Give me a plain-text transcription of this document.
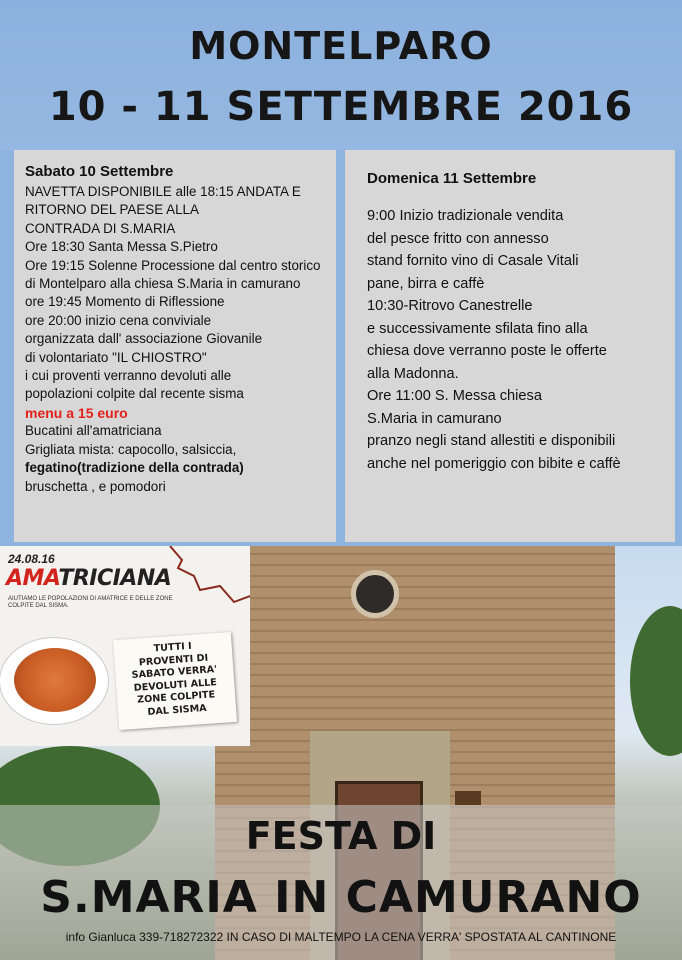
MONTELPARO
10 - 11 SETTEMBRE 2016
Sabato 10 Settembre
NAVETTA DISPONIBILE alle 18:15 ANDATA E
RITORNO DEL PAESE ALLA
CONTRADA DI S.MARIA
Ore 18:30 Santa Messa S.Pietro
Ore 19:15 Solenne Processione dal centro storico
di Montelparo alla chiesa S.Maria in camurano
ore 19:45 Momento di Riflessione
ore 20:00 inizio cena conviviale
organizzata dall' associazione Giovanile
di volontariato "IL CHIOSTRO"
i cui proventi verranno devoluti alle
popolazioni colpite dal recente sisma
menu a 15 euro
Bucatini all'amatriciana
Grigliata mista: capocollo, salsiccia,
fegatino(tradizione della contrada)
bruschetta , e pomodori
Domenica 11 Settembre
9:00 Inizio tradizionale vendita
del pesce fritto con annesso
stand fornito vino di Casale Vitali
pane, birra e caffè
10:30-Ritrovo Canestrelle
e successivamente sfilata fino alla
chiesa dove verranno poste le offerte
alla Madonna.
Ore 11:00 S. Messa chiesa
S.Maria in camurano
pranzo negli stand allestiti e disponibili
anche nel pomeriggio con bibite e caffè
24.08.16
AMATRICIANA
AIUTIAMO LE POPOLAZIONI DI AMATRICE E DELLE ZONE COLPITE DAL SISMA.
TUTTI I
PROVENTI DI
SABATO VERRA'
DEVOLUTI ALLE
ZONE COLPITE
DAL SISMA
FESTA DI
S.MARIA IN CAMURANO
info Gianluca 339-718272322 IN CASO DI MALTEMPO LA CENA VERRA' SPOSTATA AL CANTINONE
